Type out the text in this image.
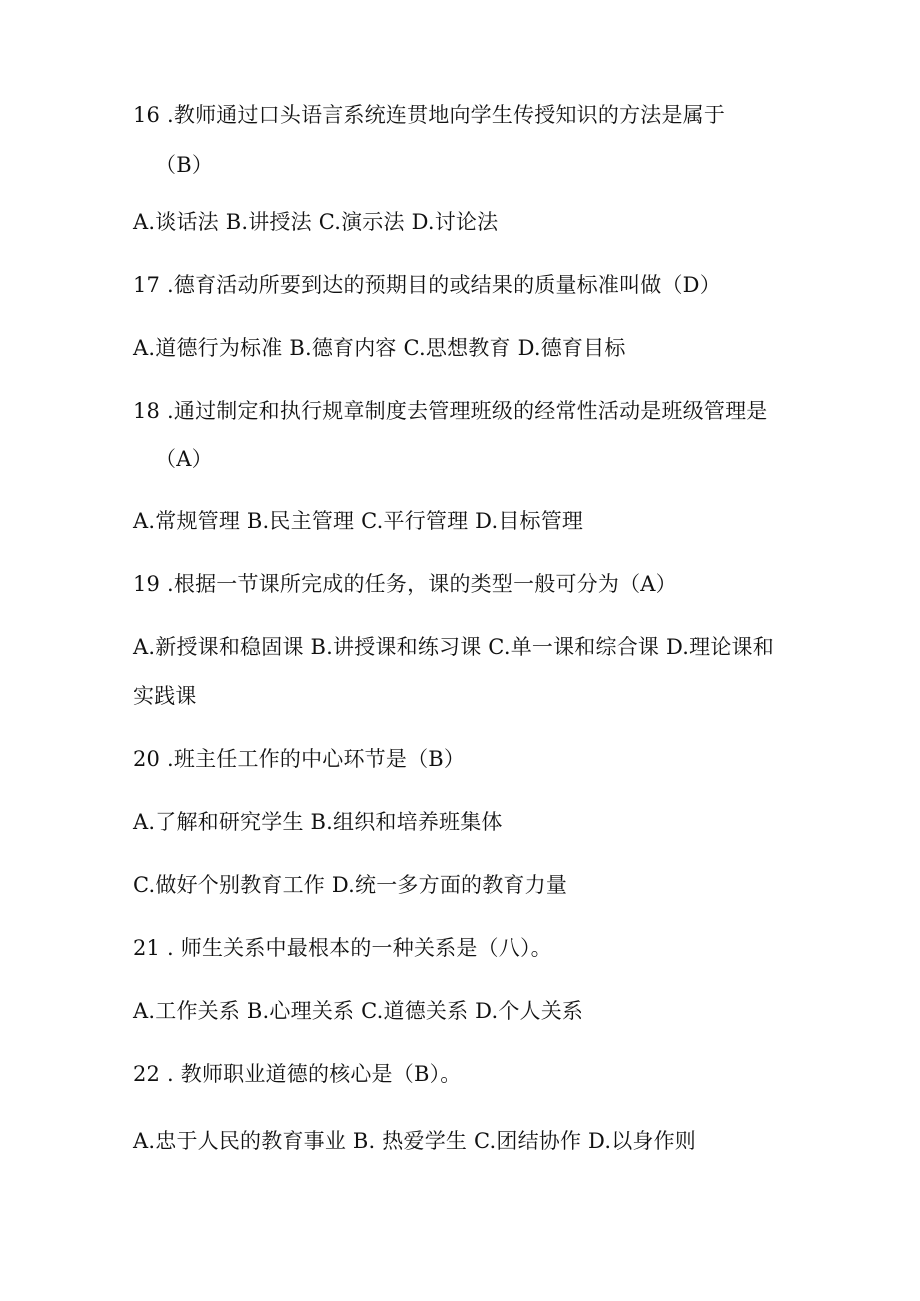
16 .教师通过口头语言系统连贯地向学生传授知识的方法是属于
（B）
A.谈话法 B.讲授法 C.演示法 D.讨论法
17 .德育活动所要到达的预期目的或结果的质量标准叫做（D）
A.道德行为标准 B.德育内容 C.思想教育 D.德育目标
18 .通过制定和执行规章制度去管理班级的经常性活动是班级管理是
（A）
A.常规管理 B.民主管理 C.平行管理 D.目标管理
19 .根据一节课所完成的任务，课的类型一般可分为（A）
A.新授课和稳固课 B.讲授课和练习课 C.单一课和综合课 D.理论课和
实践课
20 .班主任工作的中心环节是（B）
A.了解和研究学生 B.组织和培养班集体
C.做好个别教育工作 D.统一多方面的教育力量
21 . 师生关系中最根本的一种关系是（八）。
A.工作关系 B.心理关系 C.道德关系 D.个人关系
22 . 教师职业道德的核心是（B）。
A.忠于人民的教育事业 B. 热爱学生 C.团结协作 D.以身作则
